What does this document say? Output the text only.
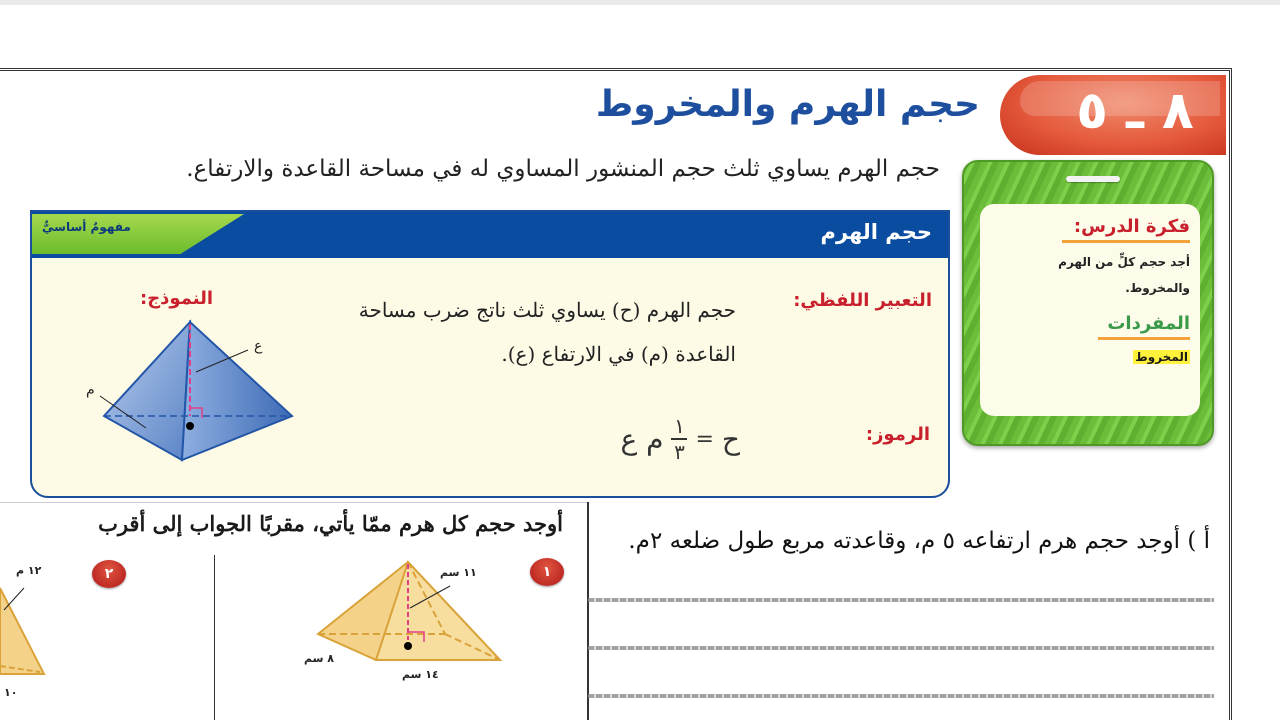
٨ ـ ٥
حجم الهرم والمخروط
حجم الهرم يساوي ثلث حجم المنشور المساوي له في مساحة القاعدة والارتفاع.
فكرة الدرس:
أجد حجم كلٍّ من الهرم والمخروط.
المفردات
المخروط
مفهومٌ أساسيٌّ	حجم الهرم
التعبير اللفظي:
حجم الهرم (ح) يساوي ثلث ناتج ضرب مساحة القاعدة (م) في الارتفاع (ع).
الرموز:
ح
=
$\frac{١}{٣}$
م ع
النموذج:
ع
م
أوجد حجم كل هرم ممّا يأتي، مقربًا الجواب إلى أقرب
١
١١ سم
٨ سم
١٤ سم
٢
١٢ م
١٠
أ ) أوجد حجم هرم ارتفاعه ٥ م، وقاعدته مربع طول ضلعه ٢م.
